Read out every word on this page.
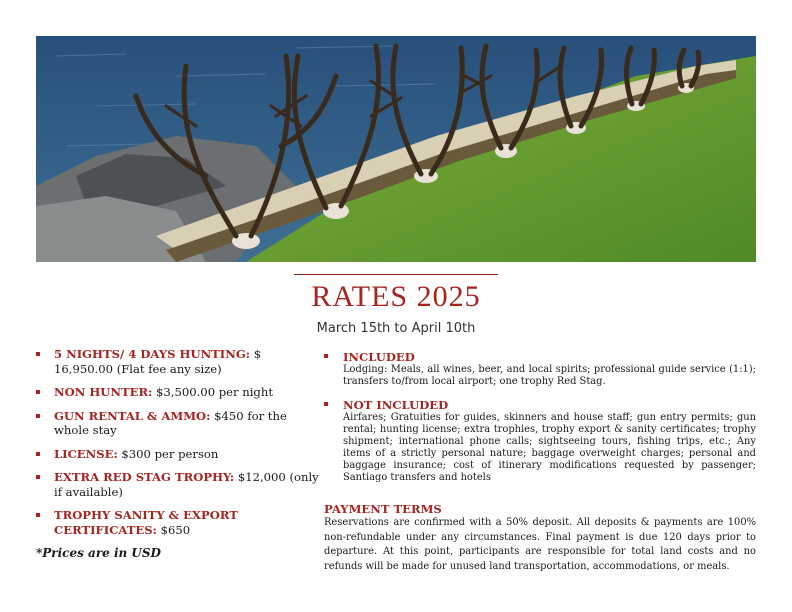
RATES 2025
March 15th to April 10th
5 NIGHTS/ 4 DAYS HUNTING: $ 16,950.00 (Flat fee any size)
NON HUNTER: $3,500.00 per night
GUN RENTAL & AMMO: $450 for the whole stay
LICENSE: $300 per person
EXTRA RED STAG TROPHY: $12,000 (only if available)
TROPHY SANITY & EXPORT CERTIFICATES: $650
*Prices are in USD
INCLUDED
Lodging: Meals, all wines, beer, and local spirits; professional guide service (1:1); transfers to/from local airport; one trophy Red Stag.
NOT INCLUDED
Airfares; Gratuities for guides, skinners and house staff; gun entry permits; gun rental; hunting license; extra trophies, trophy export & sanity certificates; trophy shipment; international phone calls; sightseeing tours, fishing trips, etc.; Any items of a strictly personal nature; baggage overweight charges; personal and baggage insurance; cost of itinerary modifications requested by passenger; Santiago transfers and hotels
PAYMENT TERMS
Reservations are confirmed with a 50% deposit. All deposits & payments are 100% non-refundable under any circumstances. Final payment is due 120 days prior to departure. At this point, participants are responsible for total land costs and no refunds will be made for unused land transportation, accommodations, or meals.
